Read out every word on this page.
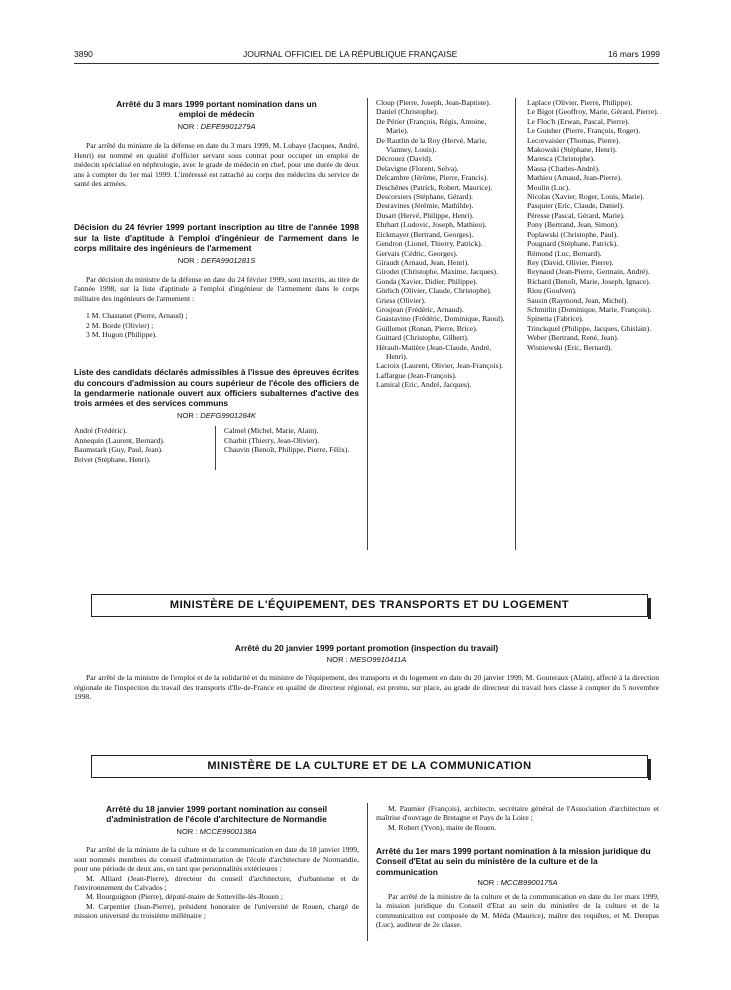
3890	JOURNAL OFFICIEL DE LA RÉPUBLIQUE FRANÇAISE	16 mars 1999

Arrêté du 3 mars 1999 portant nomination dans un emploi de médecin

NOR : DEFE9901279A

Par arrêté du ministre de la défense en date du 3 mars 1999, M. Lubaye (Jacques, André, Henri) est nommé en qualité d'officier servant sous contrat pour occuper un emploi de médecin spécialisé en néphrologie, avec le grade de médecin en chef, pour une durée de deux ans à compter du 1er mai 1999. L'intéressé est rattaché au corps des médecins du service de santé des armées.

Décision du 24 février 1999 portant inscription au titre de l'année 1998 sur la liste d'aptitude à l'emploi d'ingénieur de l'armement dans le corps militaire des ingénieurs de l'armement

NOR : DEFA9901281S

Par décision du ministre de la défense en date du 24 février 1999, sont inscrits, au titre de l'année 1998, sur la liste d'aptitude à l'emploi d'ingénieur de l'armement dans le corps militaire des ingénieurs de l'armement :

1 M. Chastanet (Pierre, Arnaud) ;
2 M. Borde (Olivier) ;
3 M. Hugon (Philippe).

Liste des candidats déclarés admissibles à l'issue des épreuves écrites du concours d'admission au cours supérieur de l'école des officiers de la gendarmerie nationale ouvert aux officiers subalternes d'active des trois armées et des services communs

NOR : DEFG9901284K
André (Frédéric).
Annequin (Laurent, Bernard).
Baumstark (Guy, Paul, Jean).
Brivet (Stéphane, Henri).
Calmel (Michel, Marie, Alain).
Charbit (Thierry, Jean-Olivier).
Chauvin (Benoît, Philippe, Pierre, Félix).
Cloup (Pierre, Joseph, Jean-Baptiste).
Daniel (Christophe).
De Périer (François, Régis, Antoine, Marie).
De Rautlin de la Roy (Hervé, Marie, Vianney, Louis).
Décrouez (David).
Delavigne (Florent, Selva).
Delcambre (Jérôme, Pierre, Francis).
Deschênes (Patrick, Robert, Maurice).
Descorsiers (Stéphane, Gérard).
Desravines (Jérémie, Mathilde).
Dusart (Hervé, Philippe, Henri).
Ehrhart (Ludovic, Joseph, Mathieu).
Eickmayer (Bertrand, Georges).
Gendron (Lionel, Thierry, Patrick).
Gervais (Cédric, Georges).
Giraudt (Arnaud, Jean, Henri).
Girodet (Christophe, Maxime, Jacques).
Gonda (Xavier, Didier, Philippe).
Görlich (Olivier, Claude, Christophe).
Griess (Olivier).
Grosjean (Frédéric, Arnaud).
Guastavino (Frédéric, Dominique, Raoul).
Guillemot (Ronan, Pierre, Brice).
Guittard (Christophe, Gilbert).
Hérault-Matière (Jean-Claude, André, Henri).
Lacroix (Laurent, Olivier, Jean-François).
Laffargue (Jean-François).
Lamiral (Eric, André, Jacques).
Laplace (Olivier, Pierre, Philippe).
Le Bigot (Geoffroy, Marie, Gérard, Pierre).
Le Floc'h (Erwan, Pascal, Pierre).
Le Guisher (Pierre, François, Roger).
Lecorvaisier (Thomas, Pierre).
Makowski (Stéphane, Henri).
Maresca (Christophe).
Massa (Charles-André).
Mathieu (Arnaud, Jean-Pierre).
Moulin (Luc).
Nicolas (Xavier, Roger, Louis, Marie).
Pasquier (Eric, Claude, Daniel).
Péresse (Pascal, Gérard, Marie).
Pony (Bertrand, Jean, Simon).
Poplawski (Christophe, Paul).
Pougnard (Stéphane, Patrick).
Rémond (Luc, Bernard).
Rey (David, Olivier, Pierre).
Reynaud (Jean-Pierre, Germain, André).
Richard (Benoît, Marie, Joseph, Ignace).
Riou (Goulven).
Sausin (Raymond, Jean, Michel).
Schmitlin (Dominique, Marie, François).
Spinetta (Fabrice).
Trinckquel (Philippe, Jacques, Ghislain).
Weber (Bertrand, René, Jean).
Wisniewski (Eric, Bernard).
MINISTÈRE DE L'ÉQUIPEMENT, DES TRANSPORTS ET DU LOGEMENT

Arrêté du 20 janvier 1999 portant promotion (inspection du travail)

NOR : MESO9910411A

Par arrêté de la ministre de l'emploi et de la solidarité et du ministre de l'équipement, des transports et du logement en date du 20 janvier 1999, M. Gouteraux (Alain), affecté à la direction régionale de l'inspection du travail des transports d'Ile-de-France en qualité de directeur régional, est promu, sur place, au grade de directeur du travail hors classe à compter du 5 novembre 1998.

MINISTÈRE DE LA CULTURE ET DE LA COMMUNICATION

Arrêté du 18 janvier 1999 portant nomination au conseil d'administration de l'école d'architecture de Normandie

NOR : MCCE9900138A

Par arrêté de la ministre de la culture et de la communication en date du 18 janvier 1999, sont nommés membres du conseil d'administration de l'école d'architecture de Normandie, pour une période de deux ans, en tant que personnalités extérieures :

M. Alliard (Jean-Pierre), directeur du conseil d'architecture, d'urbanisme et de l'environnement du Calvados ;

M. Bourguignon (Pierre), député-maire de Sotteville-lès-Rouen ;

M. Carpentier (Jean-Pierre), président honoraire de l'université de Rouen, chargé de mission université du troisième millénaire ;

M. Paumier (François), architecte, secrétaire général de l'Association d'architecture et maîtrise d'ouvrage de Bretagne et Pays de la Loire ;

M. Robert (Yvon), maire de Rouen.

Arrêté du 1er mars 1999 portant nomination à la mission juridique du Conseil d'Etat au sein du ministère de la culture et de la communication

NOR : MCCB9900175A

Par arrêté de la ministre de la culture et de la communication en date du 1er mars 1999, la mission juridique du Conseil d'Etat au sein du ministère de la culture et de la communication est composée de M. Méda (Maurice), maître des requêtes, et M. Derepas (Luc), auditeur de 2e classe.
